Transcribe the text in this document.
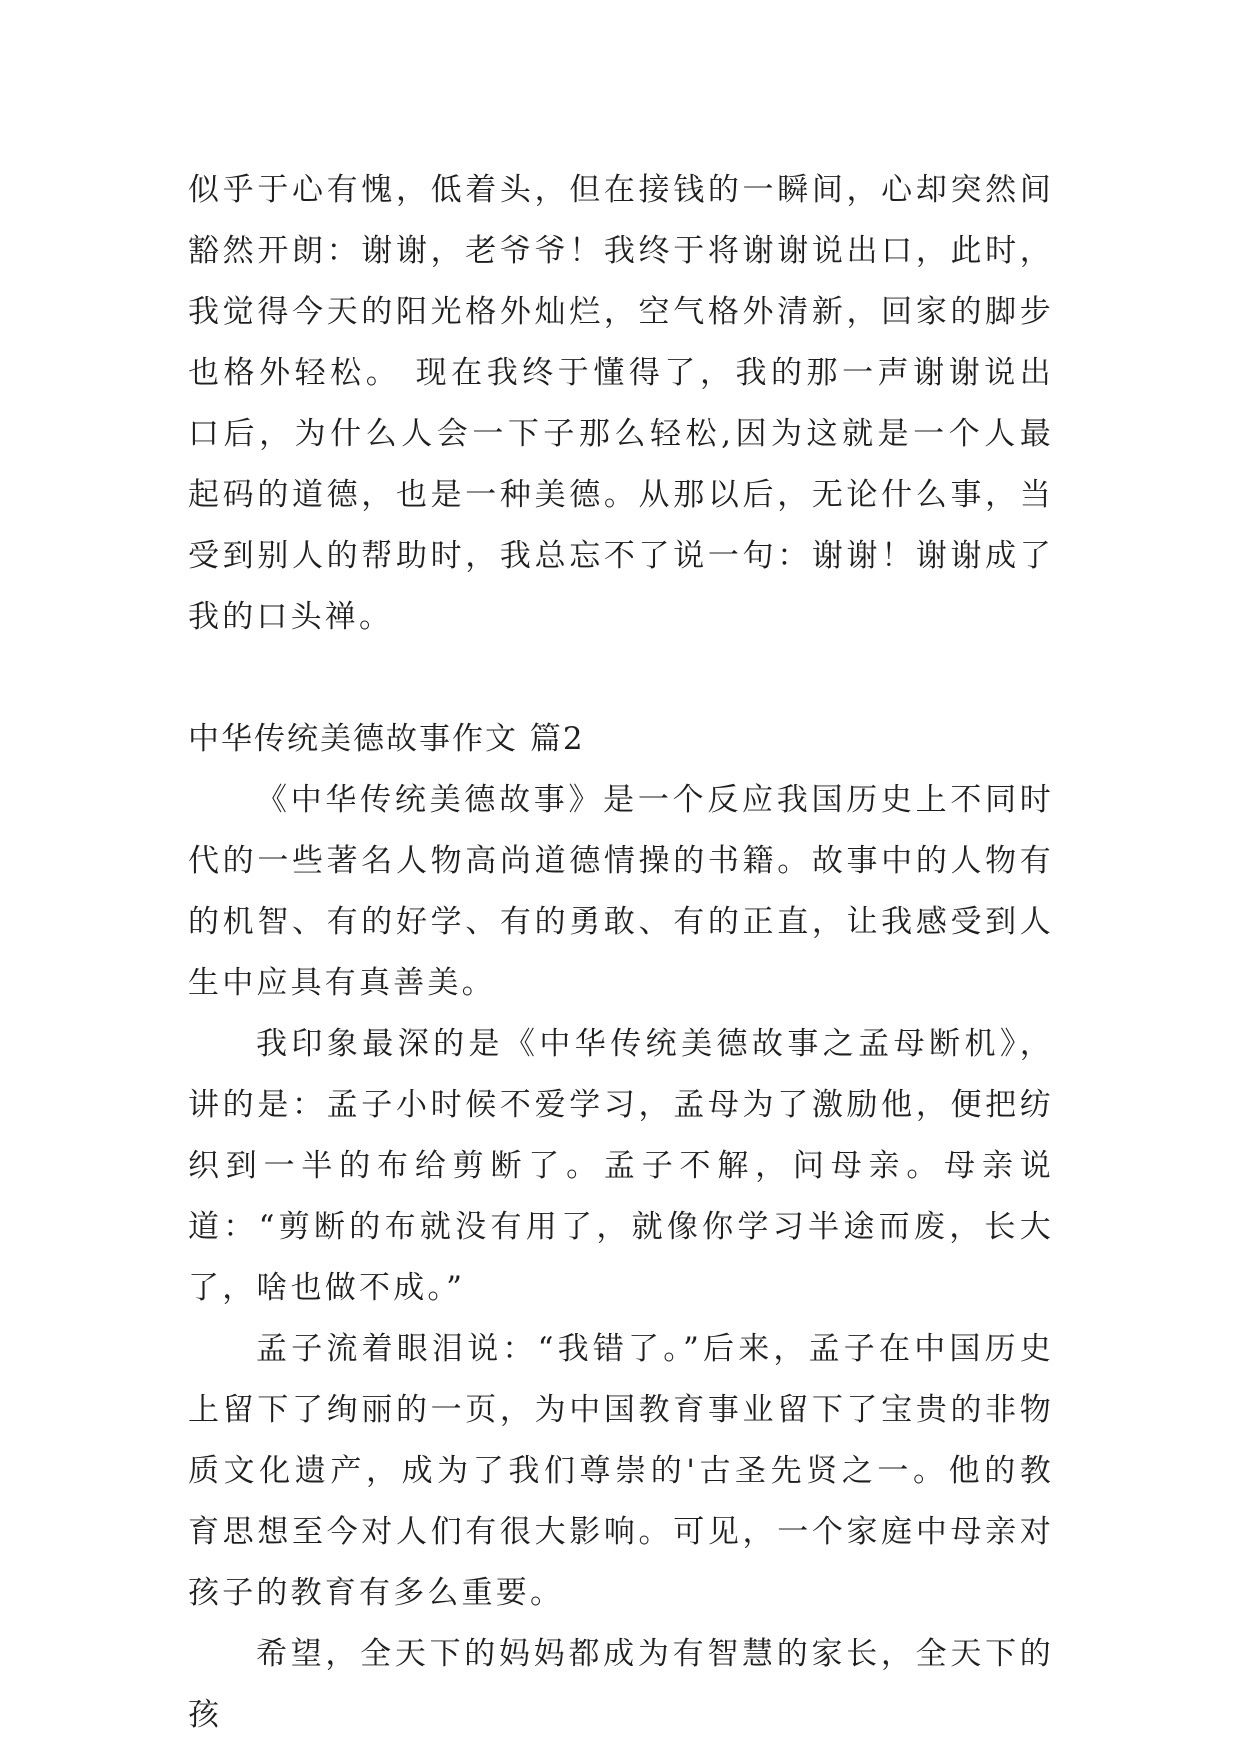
似乎于心有愧，低着头，但在接钱的一瞬间，心却突然间豁然开朗：谢谢，老爷爷！我终于将谢谢说出口，此时，我觉得今天的阳光格外灿烂，空气格外清新，回家的脚步也格外轻松。 现在我终于懂得了，我的那一声谢谢说出口后，为什么人会一下子那么轻松,因为这就是一个人最起码的道德，也是一种美德。从那以后，无论什么事，当受到别人的帮助时，我总忘不了说一句：谢谢！谢谢成了我的口头禅。

中华传统美德故事作文 篇2

《中华传统美德故事》是一个反应我国历史上不同时代的一些著名人物高尚道德情操的书籍。故事中的人物有的机智、有的好学、有的勇敢、有的正直，让我感受到人生中应具有真善美。

我印象最深的是《中华传统美德故事之孟母断机》，讲的是：孟子小时候不爱学习，孟母为了激励他，便把纺织到一半的布给剪断了。孟子不解，问母亲。母亲说道：“剪断的布就没有用了，就像你学习半途而废，长大了，啥也做不成。”

孟子流着眼泪说：“我错了。”后来，孟子在中国历史上留下了绚丽的一页，为中国教育事业留下了宝贵的非物质文化遗产，成为了我们尊崇的'古圣先贤之一。他的教育思想至今对人们有很大影响。可见，一个家庭中母亲对孩子的教育有多么重要。

希望，全天下的妈妈都成为有智慧的家长，全天下的孩
